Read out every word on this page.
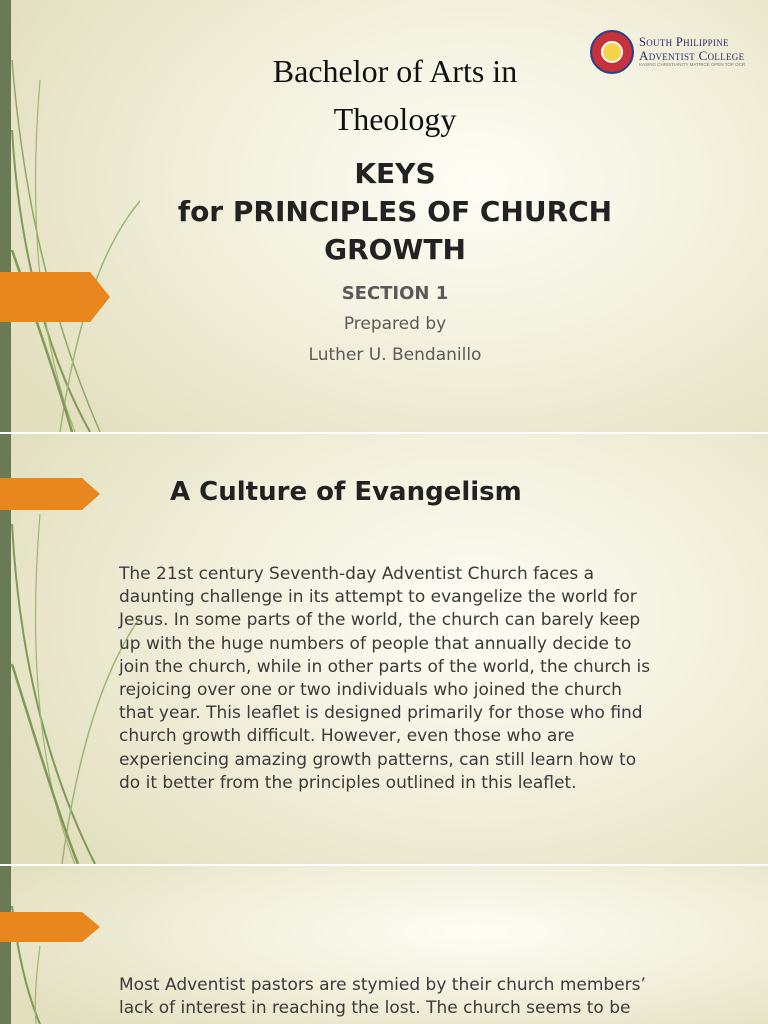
South Philippine
Adventist College
KASING CHRISTIANITY MATRICE OPEN TOP OCR
Bachelor of Arts in
Theology
KEYS
for PRINCIPLES OF CHURCH
GROWTH
SECTION 1
Prepared by
Luther U. Bendanillo
A Culture of Evangelism
The 21st century Seventh-day Adventist Church faces a
daunting challenge in its attempt to evangelize the world for
Jesus. In some parts of the world, the church can barely keep
up with the huge numbers of people that annually decide to
join the church, while in other parts of the world, the church is
rejoicing over one or two individuals who joined the church
that year. This leaflet is designed primarily for those who find
church growth difficult. However, even those who are
experiencing amazing growth patterns, can still learn how to
do it better from the principles outlined in this leaflet.
Most Adventist pastors are stymied by their church members’
lack of interest in reaching the lost. The church seems to be
